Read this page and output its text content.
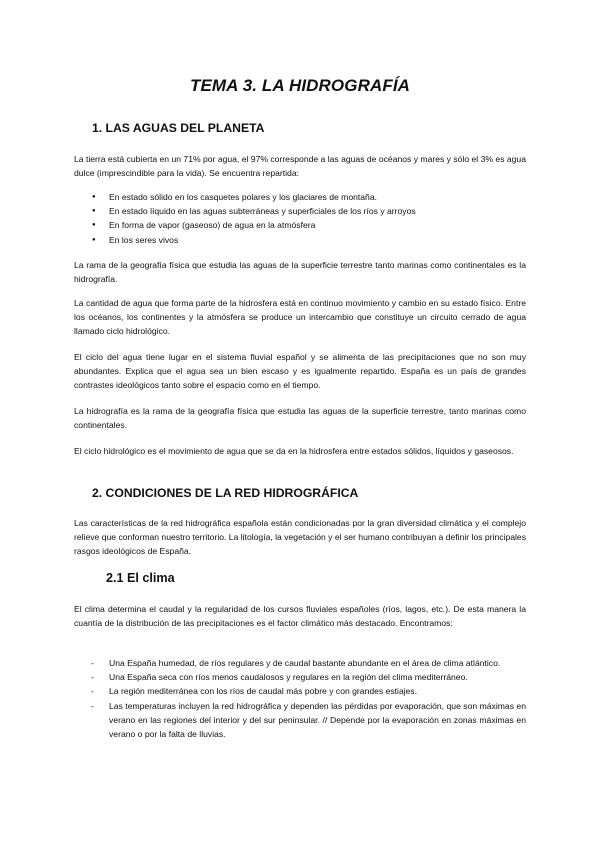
TEMA 3. LA HIDROGRAFÍA
1. LAS AGUAS DEL PLANETA

La tierra está cubierta en un 71% por agua, el 97% corresponde a las aguas de océanos y mares y sólo el 3% es agua dulce (imprescindible para la vida). Se encuentra repartida:

● En estado sólido en los casquetes polares y los glaciares de montaña.
● En estado líquido en las aguas subterráneas y superficiales de los ríos y arroyos
● En forma de vapor (gaseoso) de agua en la atmósfera
● En los seres vivos

La rama de la geografía física que estudia las aguas de la superficie terrestre tanto marinas como continentales es la hidrografía.

La cantidad de agua que forma parte de la hidrosfera está en continuo movimiento y cambio en su estado físico. Entre los océanos, los continentes y la atmósfera se produce un intercambio que constituye un circuito cerrado de agua llamado ciclo hidrológico.

El ciclo del agua tiene lugar en el sistema fluvial español y se alimenta de las precipitaciones que no son muy abundantes. Explica que el agua sea un bien escaso y es igualmente repartido. España es un país de grandes contrastes ideológicos tanto sobre el espacio como en el tiempo.

La hidrografía es la rama de la geografía física que estudia las aguas de la superficie terrestre, tanto marinas como continentales.

El ciclo hidrológico es el movimiento de agua que se da en la hidrosfera entre estados sólidos, líquidos y gaseosos.

2. CONDICIONES DE LA RED HIDROGRÁFICA

Las características de la red hidrográfica española están condicionadas por la gran diversidad climática y el complejo relieve que conforman nuestro territorio. La litología, la vegetación y el ser humano contribuyan a definir los principales rasgos ideológicos de España.

2.1 El clima

El clima determina el caudal y la regularidad de los cursos fluviales españoles (ríos, lagos, etc.). De esta manera la cuantía de la distribución de las precipitaciones es el factor climático más destacado. Encontramos:

- Una España humedad, de ríos regulares y de caudal bastante abundante en el área de clima atlántico.
- Una España seca con ríos menos caudalosos y regulares en la región del clima mediterráneo.
- La región mediterránea con los ríos de caudal más pobre y con grandes estiajes.
- Las temperaturas incluyen la red hidrográfica y dependen las pérdidas por evaporación, que son máximas en verano en las regiones del interior y del sur peninsular. // Depende por la evaporación en zonas máximas en verano o por la falta de lluvias.
